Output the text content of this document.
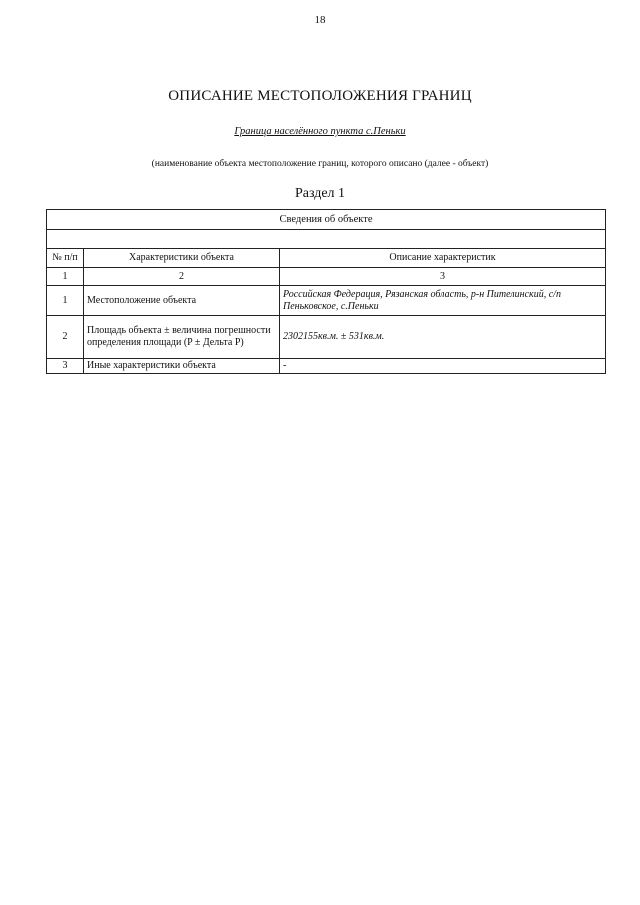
18
ОПИСАНИЕ МЕСТОПОЛОЖЕНИЯ ГРАНИЦ
Граница населённого пункта с.Пеньки
(наименование объекта местоположение границ, которого описано (далее - объект)
Раздел 1
Сведения об объекте		

№ п/п	Характеристики объекта	Описание характеристик
1	2	3
1	Местоположение объекта	Российская Федерация, Рязанская область, р-н Пителинский, с/п Пеньковское, с.Пеньки
2	Площадь объекта ± величина погрешности определения площади (P ± Дельта P)	2302155кв.м. ± 531кв.м.
3	Иные характеристики объекта	-
